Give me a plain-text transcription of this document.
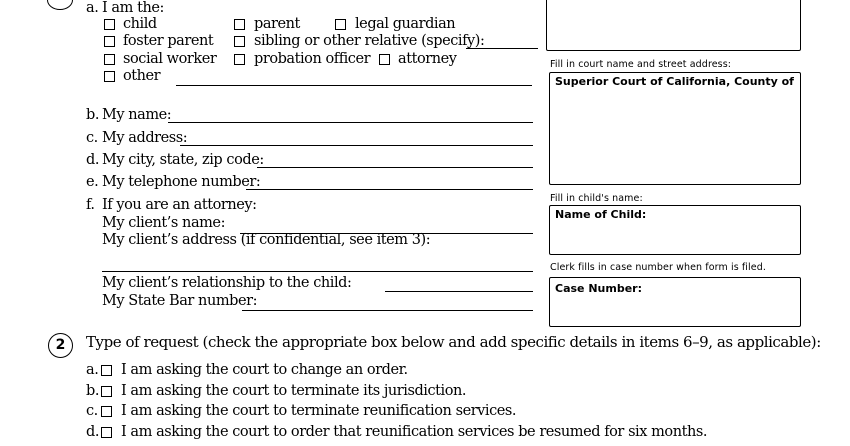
a. I am the:
child
foster parent
social worker
other
parent	legal guardian
sibling or other relative (specify):
probation officer attorney
b. My name:
c. My address:
d. My city, state, zip code:
e. My telephone number:
f. If you are an attorney:
My client’s name:
My client’s address (if confidential, see item 3):
My client’s relationship to the child:
My State Bar number:
Fill in court name and street address:
Superior Court of California, County of
Fill in child's name:
Name of Child:
Clerk fills in case number when form is filed.
Case Number:
2	Type of request (check the appropriate box below and add specific details in items 6–9, as applicable):
a. I am asking the court to change an order.
b. I am asking the court to terminate its jurisdiction.
c. I am asking the court to terminate reunification services.
d. I am asking the court to order that reunification services be resumed for six months.
